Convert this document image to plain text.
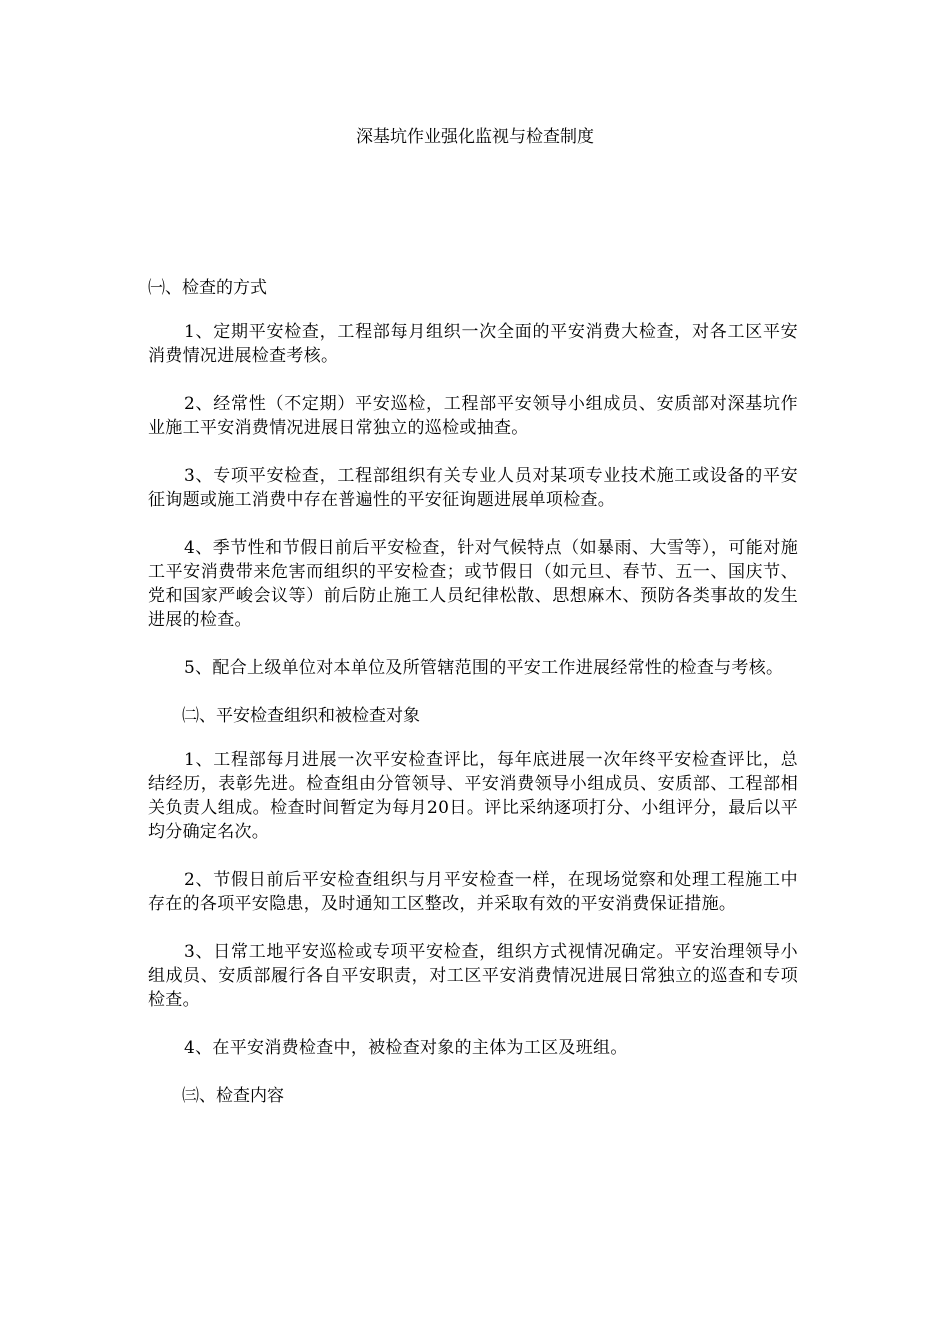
深基坑作业强化监视与检查制度

㈠、检查的方式

1、定期平安检查，工程部每月组织一次全面的平安消费大检查，对各工区平安消费情况进展检查考核。

2、经常性（不定期）平安巡检，工程部平安领导小组成员、安质部对深基坑作业施工平安消费情况进展日常独立的巡检或抽查。

3、专项平安检查，工程部组织有关专业人员对某项专业技术施工或设备的平安征询题或施工消费中存在普遍性的平安征询题进展单项检查。

4、季节性和节假日前后平安检查，针对气候特点（如暴雨、大雪等），可能对施工平安消费带来危害而组织的平安检查；或节假日（如元旦、春节、五一、国庆节、党和国家严峻会议等）前后防止施工人员纪律松散、思想麻木、预防各类事故的发生进展的检查。

5、配合上级单位对本单位及所管辖范围的平安工作进展经常性的检查与考核。

㈡、平安检查组织和被检查对象

1、工程部每月进展一次平安检查评比，每年底进展一次年终平安检查评比，总结经历，表彰先进。检查组由分管领导、平安消费领导小组成员、安质部、工程部相关负责人组成。检查时间暂定为每月20日。评比采纳逐项打分、小组评分，最后以平均分确定名次。

2、节假日前后平安检查组织与月平安检查一样，在现场觉察和处理工程施工中存在的各项平安隐患，及时通知工区整改，并采取有效的平安消费保证措施。

3、日常工地平安巡检或专项平安检查，组织方式视情况确定。平安治理领导小组成员、安质部履行各自平安职责，对工区平安消费情况进展日常独立的巡查和专项检查。

4、在平安消费检查中，被检查对象的主体为工区及班组。

㈢、检查内容
